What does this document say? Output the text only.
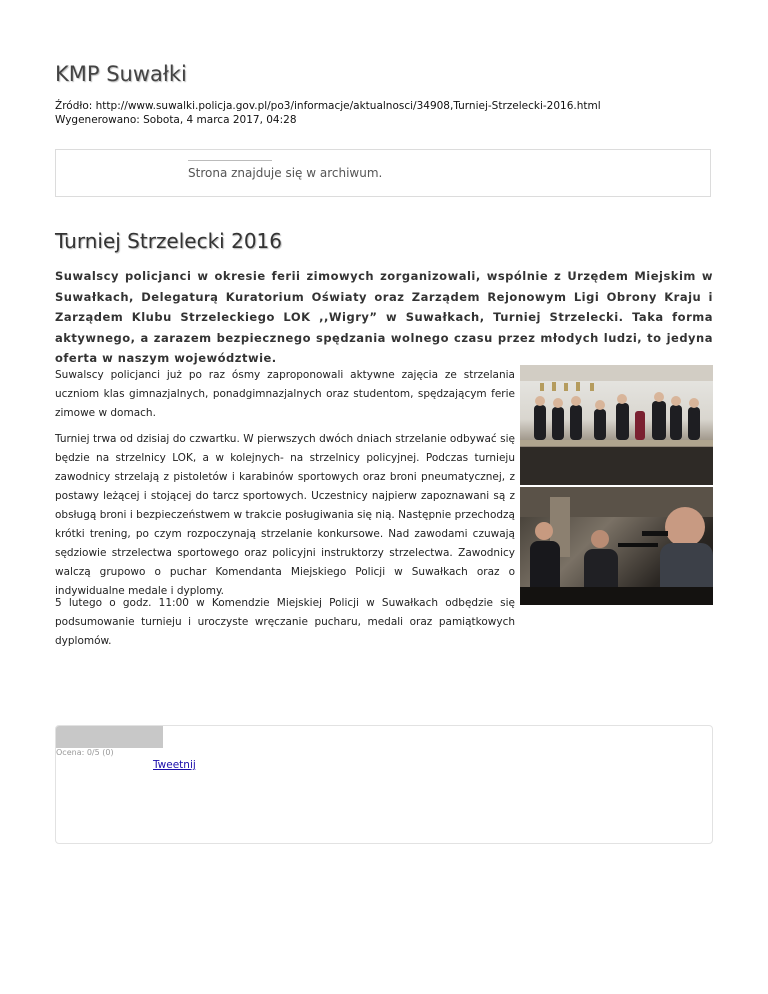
KMP Suwałki
Źródło: http://www.suwalki.policja.gov.pl/po3/informacje/aktualnosci/34908,Turniej-Strzelecki-2016.html
Wygenerowano: Sobota, 4 marca 2017, 04:28
Strona znajduje się w archiwum.
Turniej Strzelecki 2016
Suwalscy policjanci w okresie ferii zimowych zorganizowali, wspólnie z Urzędem Miejskim w Suwałkach, Delegaturą Kuratorium Oświaty oraz Zarządem Rejonowym Ligi Obrony Kraju i Zarządem Klubu Strzeleckiego LOK ,,Wigry” w Suwałkach, Turniej Strzelecki. Taka forma aktywnego, a zarazem bezpiecznego spędzania wolnego czasu przez młodych ludzi, to jedyna oferta w naszym województwie.
Suwalscy policjanci już po raz ósmy zaproponowali aktywne zajęcia ze strzelania uczniom klas gimnazjalnych, ponadgimnazjalnych oraz studentom, spędzającym ferie zimowe w domach.
Turniej trwa od dzisiaj do czwartku. W pierwszych dwóch dniach strzelanie odbywać się będzie na strzelnicy LOK, a w kolejnych- na strzelnicy policyjnej. Podczas turnieju zawodnicy strzelają z pistoletów i karabinów sportowych oraz broni pneumatycznej, z postawy leżącej i stojącej do tarcz sportowych. Uczestnicy najpierw zapoznawani są z obsługą broni i bezpieczeństwem w trakcie posługiwania się nią. Następnie przechodzą krótki trening, po czym rozpoczynają strzelanie konkursowe. Nad zawodami czuwają sędziowie strzelectwa sportowego oraz policyjni instruktorzy strzelectwa. Zawodnicy walczą grupowo o puchar Komendanta Miejskiego Policji w Suwałkach oraz o indywidualne medale i dyplomy.
5 lutego o godz. 11:00 w Komendzie Miejskiej Policji w Suwałkach odbędzie się podsumowanie turnieju i uroczyste wręczanie pucharu, medali oraz pamiątkowych dyplomów.
Ocena: 0/5 (0)
Tweetnij
